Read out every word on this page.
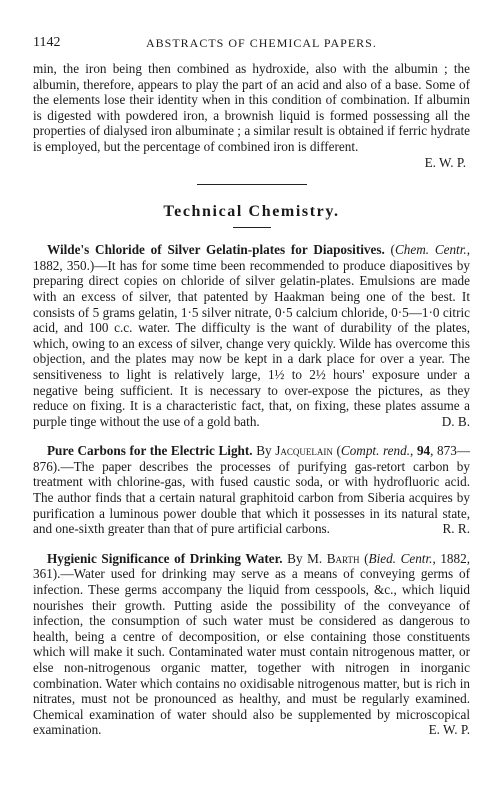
1142	ABSTRACTS OF CHEMICAL PAPERS.

min, the iron being then combined as hydroxide, also with the albumin ; the albumin, therefore, appears to play the part of an acid and also of a base. Some of the elements lose their identity when in this condition of combination. If albumin is digested with powdered iron, a brownish liquid is formed possessing all the properties of dialysed iron albuminate ; a similar result is obtained if ferric hydrate is employed, but the percentage of combined iron is different.

E. W. P.
Technical Chemistry.

Wilde's Chloride of Silver Gelatin-plates for Diapositives. (Chem. Centr., 1882, 350.)—It has for some time been recommended to produce diapositives by preparing direct copies on chloride of silver gelatin-plates. Emulsions are made with an excess of silver, that patented by Haakman being one of the best. It consists of 5 grams gelatin, 1·5 silver nitrate, 0·5 calcium chloride, 0·5—1·0 citric acid, and 100 c.c. water. The difficulty is the want of durability of the plates, which, owing to an excess of silver, change very quickly. Wilde has overcome this objection, and the plates may now be kept in a dark place for over a year. The sensitiveness to light is relatively large, 1½ to 2½ hours' exposure under a negative being sufficient. It is necessary to over-expose the pictures, as they reduce on fixing. It is a characteristic fact, that, on fixing, these plates assume a purple tinge without the use of a gold bath.	D. B.

Pure Carbons for the Electric Light. By Jacquelain (Compt. rend., 94, 873—876).—The paper describes the processes of purifying gas-retort carbon by treatment with chlorine-gas, with fused caustic soda, or with hydrofluoric acid. The author finds that a certain natural graphitoid carbon from Siberia acquires by purification a luminous power double that which it possesses in its natural state, and one-sixth greater than that of pure artificial carbons.	R. R.

Hygienic Significance of Drinking Water. By M. Barth (Bied. Centr., 1882, 361).—Water used for drinking may serve as a means of conveying germs of infection. These germs accompany the liquid from cesspools, &c., which liquid nourishes their growth. Putting aside the possibility of the conveyance of infection, the consumption of such water must be considered as dangerous to health, being a centre of decomposition, or else containing those constituents which will make it such. Contaminated water must contain nitrogenous matter, or else non-nitrogenous organic matter, together with nitrogen in inorganic combination. Water which contains no oxidisable nitrogenous matter, but is rich in nitrates, must not be pronounced as healthy, and must be regularly examined. Chemical examination of water should also be supplemented by microscopical examination.	E. W. P.
